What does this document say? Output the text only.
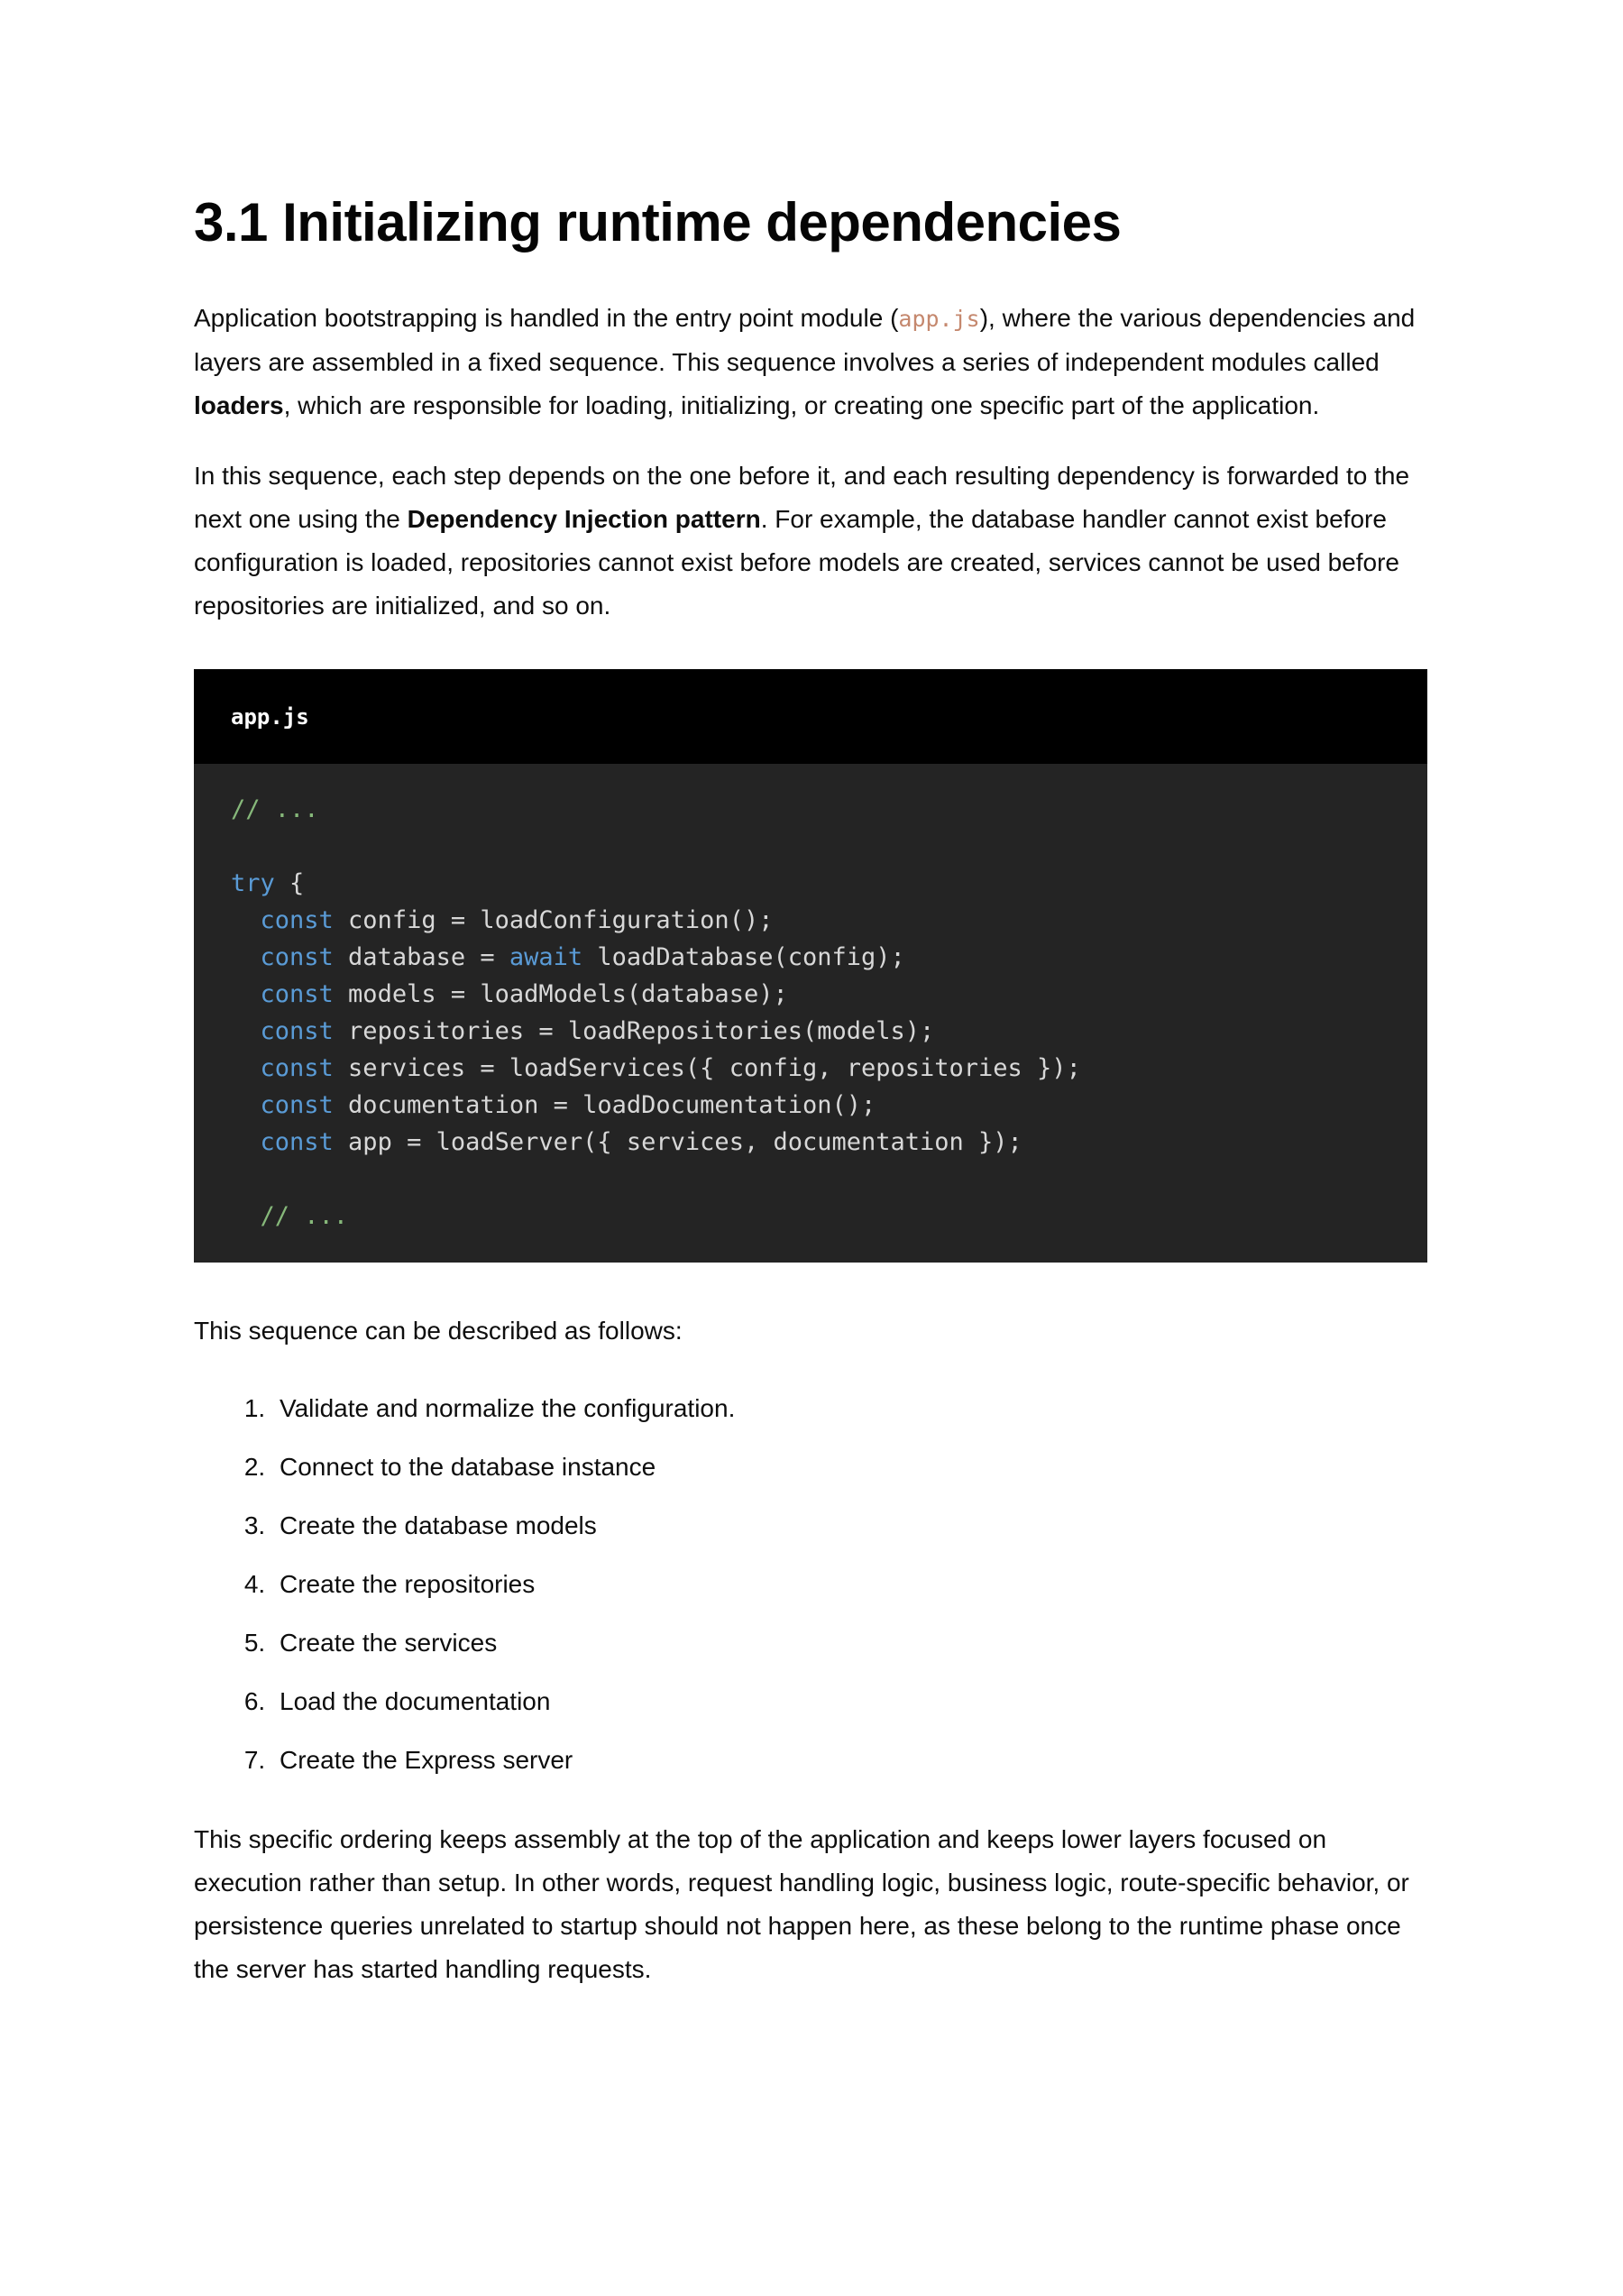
3.1 Initializing runtime dependencies

Application bootstrapping is handled in the entry point module (app.js), where the various dependencies and layers are assembled in a fixed sequence. This sequence involves a series of independent modules called loaders, which are responsible for loading, initializing, or creating one specific part of the application.

In this sequence, each step depends on the one before it, and each resulting dependency is forwarded to the next one using the Dependency Injection pattern. For example, the database handler cannot exist before configuration is loaded, repositories cannot exist before models are created, services cannot be used before repositories are initialized, and so on.

app.js
// ...

try {
const config = loadConfiguration();
const database = await loadDatabase(config);
const models = loadModels(database);
const repositories = loadRepositories(models);
const services = loadServices({ config, repositories });
const documentation = loadDocumentation();
const app = loadServer({ services, documentation });

// ...

This sequence can be described as follows:

1. Validate and normalize the configuration.
2. Connect to the database instance
3. Create the database models
4. Create the repositories
5. Create the services
6. Load the documentation
7. Create the Express server

This specific ordering keeps assembly at the top of the application and keeps lower layers focused on execution rather than setup. In other words, request handling logic, business logic, route-specific behavior, or persistence queries unrelated to startup should not happen here, as these belong to the runtime phase once the server has started handling requests.
